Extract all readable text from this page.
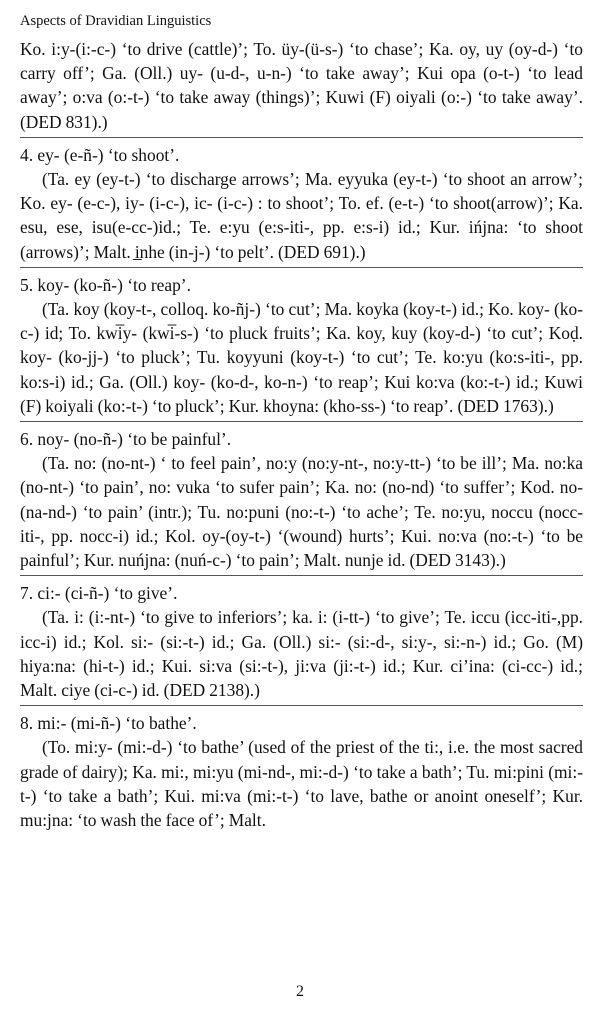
Aspects of Dravidian Linguistics

Ko. i:y-(i:-c-) ‘to drive (cattle)’; To. üy-(ü-s-) ‘to chase’; Ka. oy, uy (oy-d-) ‘to carry off’; Ga. (Oll.) uy- (u-d-, u-n-) ‘to take away’; Kui opa (o-t-) ‘to lead away’; o:va (o:-t-) ‘to take away (things)’; Kuwi (F) oiyali (o:-) ‘to take away’. (DED 831).)

4. ey- (e-ñ-) ‘to shoot’.

(Ta. ey (ey-t-) ‘to discharge arrows’; Ma. eyyuka (ey-t-) ‘to shoot an arrow’; Ko. ey- (e-c-), iy- (i-c-), ic- (i-c-) : to shoot’; To. ef. (e-t-) ‘to shoot(arrow)’; Ka. esu, ese, isu(e-cc-)id.; Te. e:yu (e:s-iti-, pp. e:s-i) id.; Kur. ińjna: ‘to shoot (arrows)’; Malt. i̲nhe (in-j-) ‘to pelt’. (DED 691).)

5. koy- (ko-ñ-) ‘to reap’.

(Ta. koy (koy-t-, colloq. ko-ñj-) ‘to cut’; Ma. koyka (koy-t-) id.; Ko. koy- (ko-c-) id; To. kwi̅y- (kwi̅-s-) ‘to pluck fruits’; Ka. koy, kuy (koy-d-) ‘to cut’; Koḍ. koy- (ko-jj-) ‘to pluck’; Tu. koyyuni (koy-t-) ‘to cut’; Te. ko:yu (ko:s-iti-, pp. ko:s-i) id.; Ga. (Oll.) koy- (ko-d-, ko-n-) ‘to reap’; Kui ko:va (ko:-t-) id.; Kuwi (F) koiyali (ko:-t-) ‘to pluck’; Kur. khoyna: (kho-ss-) ‘to reap’. (DED 1763).)

6. noy- (no-ñ-) ‘to be painful’.

(Ta. no: (no-nt-) ‘ to feel pain’, no:y (no:y-nt-, no:y-tt-) ‘to be ill’; Ma. no:ka (no-nt-) ‘to pain’, no: vuka ‘to sufer pain’; Ka. no: (no-nd) ‘to suffer’; Kod. no- (na-nd-) ‘to pain’ (intr.); Tu. no:puni (no:-t-) ‘to ache’; Te. no:yu, noccu (nocc-iti-, pp. nocc-i) id.; Kol. oy-(oy-t-) ‘(wound) hurts’; Kui. no:va (no:-t-) ‘to be painful’; Kur. nuńjna: (nuń-c-) ‘to pain’; Malt. nunje id. (DED 3143).)

7. ci:- (ci-ñ-) ‘to give’.

(Ta. i: (i:-nt-) ‘to give to inferiors’; ka. i: (i-tt-) ‘to give’; Te. iccu (icc-iti-,pp. icc-i) id.; Kol. si:- (si:-t-) id.; Ga. (Oll.) si:- (si:-d-, si:y-, si:-n-) id.; Go. (M) hiya:na: (hi-t-) id.; Kui. si:va (si:-t-), ji:va (ji:-t-) id.; Kur. ci’ina: (ci-cc-) id.; Malt. ciye (ci-c-) id. (DED 2138).)

8. mi:- (mi-ñ-) ‘to bathe’.

(To. mi:y- (mi:-d-) ‘to bathe’ (used of the priest of the ti:, i.e. the most sacred grade of dairy); Ka. mi:, mi:yu (mi-nd-, mi:-d-) ‘to take a bath’; Tu. mi:pini (mi:-t-) ‘to take a bath’; Kui. mi:va (mi:-t-) ‘to lave, bathe or anoint oneself’; Kur. mu:jna: ‘to wash the face of’; Malt.

2
